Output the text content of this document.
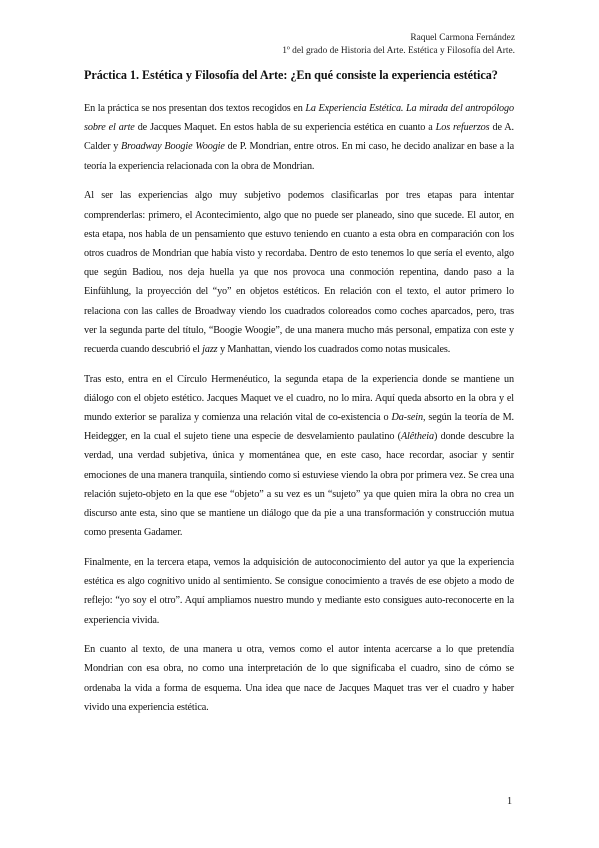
Raquel Carmona Fernández
1º del grado de Historia del Arte. Estética y Filosofía del Arte.
Práctica 1. Estética y Filosofía del Arte: ¿En qué consiste la experiencia estética?

En la práctica se nos presentan dos textos recogidos en La Experiencia Estética. La mirada del antropólogo sobre el arte de Jacques Maquet. En estos habla de su experiencia estética en cuanto a Los refuerzos de A. Calder y Broadway Boogie Woogie de P. Mondrian, entre otros. En mi caso, he decido analizar en base a la teoría la experiencia relacionada con la obra de Mondrian.

Al ser las experiencias algo muy subjetivo podemos clasificarlas por tres etapas para intentar comprenderlas: primero, el Acontecimiento, algo que no puede ser planeado, sino que sucede. El autor, en esta etapa, nos habla de un pensamiento que estuvo teniendo en cuanto a esta obra en comparación con los otros cuadros de Mondrian que había visto y recordaba. Dentro de esto tenemos lo que sería el evento, algo que según Badiou, nos deja huella ya que nos provoca una conmoción repentina, dando paso a la Einfühlung, la proyección del “yo” en objetos estéticos. En relación con el texto, el autor primero lo relaciona con las calles de Broadway viendo los cuadrados coloreados como coches aparcados, pero, tras ver la segunda parte del título, “Boogie Woogie”, de una manera mucho más personal, empatiza con este y recuerda cuando descubrió el jazz y Manhattan, viendo los cuadrados como notas musicales.

Tras esto, entra en el Círculo Hermenéutico, la segunda etapa de la experiencia donde se mantiene un diálogo con el objeto estético. Jacques Maquet ve el cuadro, no lo mira. Aquí queda absorto en la obra y el mundo exterior se paraliza y comienza una relación vital de co-existencia o Da-sein, según la teoría de M. Heidegger, en la cual el sujeto tiene una especie de desvelamiento paulatino (Alêtheia) donde descubre la verdad, una verdad subjetiva, única y momentánea que, en este caso, hace recordar, asociar y sentir emociones de una manera tranquila, sintiendo como si estuviese viendo la obra por primera vez. Se crea una relación sujeto-objeto en la que ese “objeto” a su vez es un “sujeto” ya que quien mira la obra no crea un discurso ante esta, sino que se mantiene un diálogo que da pie a una transformación y construcción mutua como presenta Gadamer.

Finalmente, en la tercera etapa, vemos la adquisición de autoconocimiento del autor ya que la experiencia estética es algo cognitivo unido al sentimiento. Se consigue conocimiento a través de ese objeto a modo de reflejo: “yo soy el otro”. Aquí ampliamos nuestro mundo y mediante esto consigues auto-reconocerte en la experiencia vivida.

En cuanto al texto, de una manera u otra, vemos como el autor intenta acercarse a lo que pretendía Mondrian con esa obra, no como una interpretación de lo que significaba el cuadro, sino de cómo se ordenaba la vida a forma de esquema. Una idea que nace de Jacques Maquet tras ver el cuadro y haber vivido una experiencia estética.

1
